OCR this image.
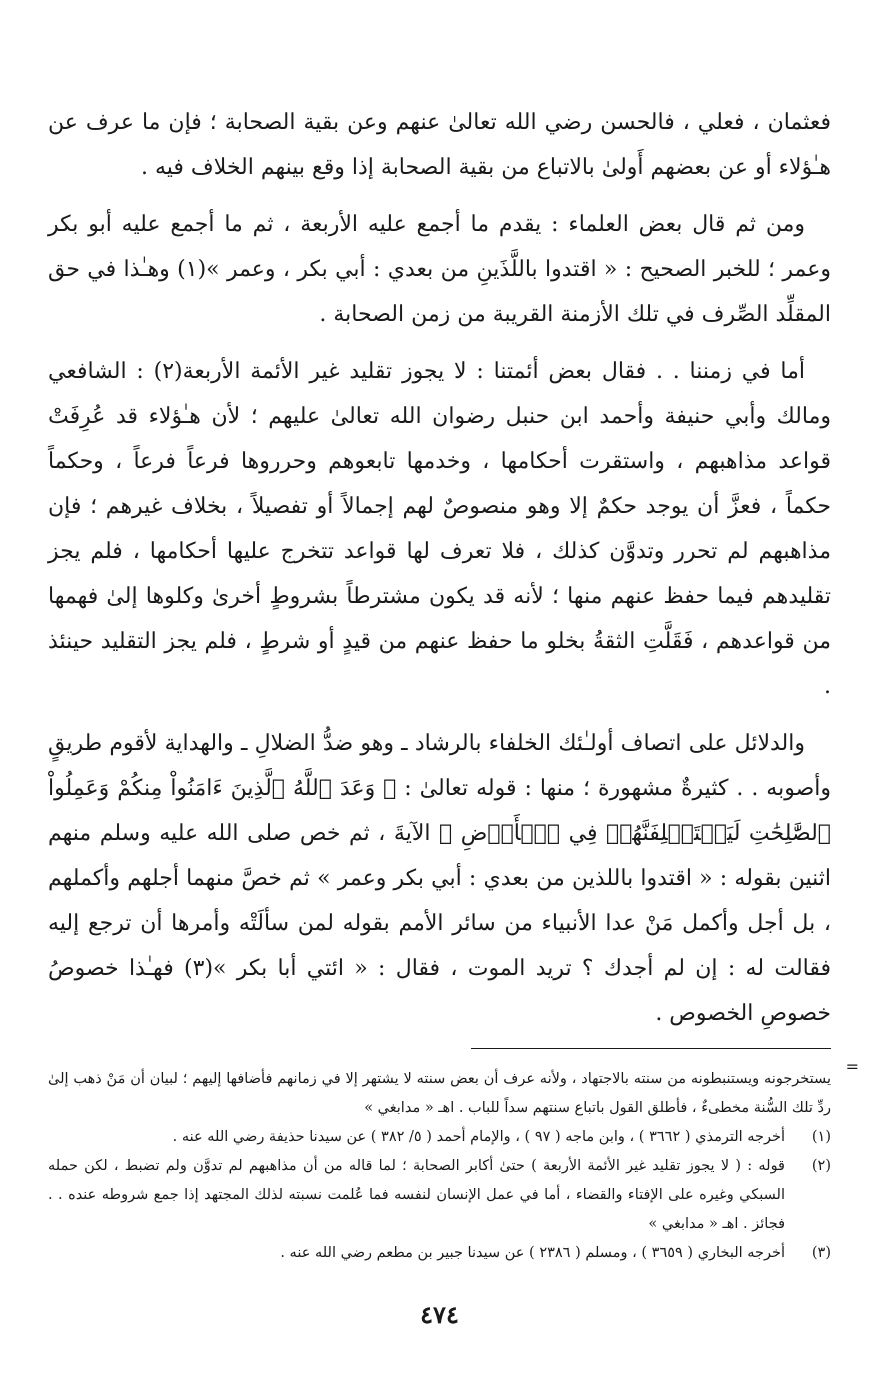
فعثمان ، فعلي ، فالحسن رضي الله تعالىٰ عنهم وعن بقية الصحابة ؛ فإن ما عرف عن هـٰؤلاء أو عن بعضهم أَولىٰ بالاتباع من بقية الصحابة إذا وقع بينهم الخلاف فيه .

ومن ثم قال بعض العلماء : يقدم ما أجمع عليه الأربعة ، ثم ما أجمع عليه أبو بكر وعمر ؛ للخبر الصحيح : « اقتدوا باللَّذَينِ من بعدي : أبي بكر ، وعمر »(١) وهـٰذا في حق المقلِّد الصِّرف في تلك الأزمنة القريبة من زمن الصحابة .

أما في زمننا . . فقال بعض أئمتنا : لا يجوز تقليد غير الأئمة الأربعة(٢) : الشافعي ومالك وأبي حنيفة وأحمد ابن حنبل رضوان الله تعالىٰ عليهم ؛ لأن هـٰؤلاء قد عُرِفَتْ قواعد مذاهبهم ، واستقرت أحكامها ، وخدمها تابعوهم وحرروها فرعاً فرعاً ، وحكماً حكماً ، فعزَّ أن يوجد حكمٌ إلا وهو منصوصٌ لهم إجمالاً أو تفصيلاً ، بخلاف غيرهم ؛ فإن مذاهبهم لم تحرر وتدوَّن كذلك ، فلا تعرف لها قواعد تتخرج عليها أحكامها ، فلم يجز تقليدهم فيما حفظ عنهم منها ؛ لأنه قد يكون مشترطاً بشروطٍ أخرىٰ وكلوها إلىٰ فهمها من قواعدهم ، فَقَلَّتِ الثقةُ بخلو ما حفظ عنهم من قيدٍ أو شرطٍ ، فلم يجز التقليد حينئذ .

والدلائل على اتصاف أولـٰئك الخلفاء بالرشاد ـ وهو ضدُّ الضلالِ ـ والهداية لأقوم طريقٍ وأصوبه . . كثيرةٌ مشهورة ؛ منها : قوله تعالىٰ : ﴿ وَعَدَ ٱللَّهُ ٱلَّذِينَ ءَامَنُواْ مِنكُمْ وَعَمِلُواْ ٱلصَّٰلِحَٰتِ لَيَسۡتَخۡلِفَنَّهُمۡ فِي ٱلۡأَرۡضِ ﴾ الآيةَ ، ثم خص صلى الله عليه وسلم منهم اثنين بقوله : « اقتدوا باللذين من بعدي : أبي بكر وعمر » ثم خصَّ منهما أجلهم وأكملهم ، بل أجل وأكمل مَنْ عدا الأنبياء من سائر الأمم بقوله لمن سألَتْه وأمرها أن ترجع إليه فقالت له : إن لم أجدك ؟ تريد الموت ، فقال : « ائتي أبا بكر »(٣) فهـٰذا خصوصُ خصوصِ الخصوص .

=
يستخرجونه ويستنبطونه من سنته بالاجتهاد ، ولأنه عرف أن بعض سنته لا يشتهر إلا في زمانهم فأضافها إليهم ؛ لبيان أن مَنْ ذهب إلىٰ ردِّ تلك السُّنة مخطىءٌ ، فأطلق القول باتباع سنتهم سداً للباب . اهـ « مدابغي »
(١)
أخرجه الترمذي ( ٣٦٦٢ ) ، وابن ماجه ( ٩٧ ) ، والإمام أحمد ( ٥/ ٣٨٢ ) عن سيدنا حذيفة رضي الله عنه .
(٢)
قوله : ( لا يجوز تقليد غير الأئمة الأربعة ) حتىٰ أكابر الصحابة ؛ لما قاله من أن مذاهبهم لم تدوَّن ولم تضبط ، لكن حمله السبكي وغيره على الإفتاء والقضاء ، أما في عمل الإنسان لنفسه فما عُلمت نسبته لذلك المجتهد إذا جمع شروطه عنده . . فجائز . اهـ « مدابغي »
(٣)
أخرجه البخاري ( ٣٦٥٩ ) ، ومسلم ( ٢٣٨٦ ) عن سيدنا جبير بن مطعم رضي الله عنه .
٤٧٤
